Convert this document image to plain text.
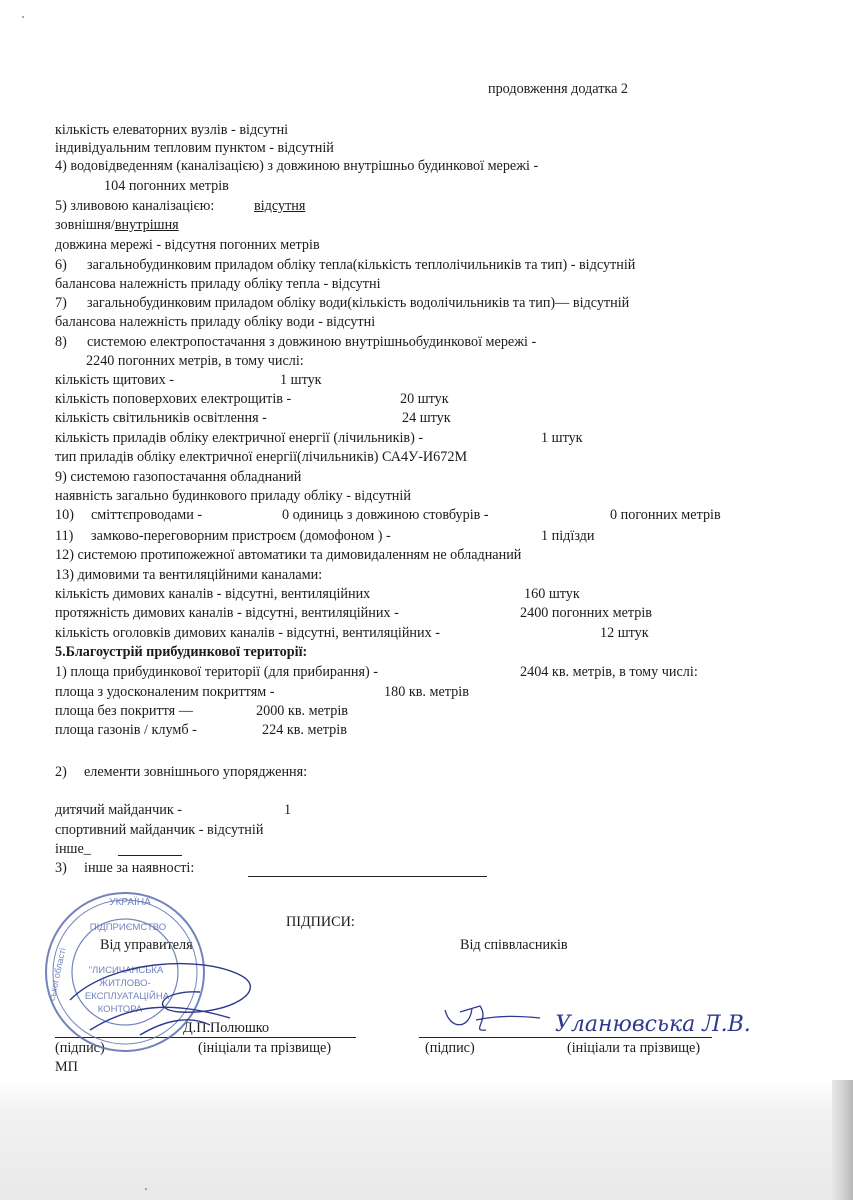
продовження додатка 2
кількість елеваторних вузлів - відсутні
індивідуальним тепловим пунктом - відсутній
4) водовідведенням (каналізацією) з довжиною внутрішньо будинкової мережі -
104 погонних метрів
5) зливовою каналізацією:	відсутня
зовнішня/внутрішня
довжина мережі - відсутня погонних метрів
6) загальнобудинковим приладом обліку тепла(кількість теплолічильників та тип) - відсутній
балансова належність приладу обліку тепла - відсутні
7) загальнобудинковим приладом обліку води(кількість водолічильників та тип)— відсутній
балансова належність приладу обліку води - відсутні
8) системою електропостачання з довжиною внутрішньобудинкової мережі -
2240 погонних метрів, в тому числі:
кількість щитових -	1 штук
кількість поповерхових електрощитів -	20 штук
кількість світильників освітлення -	24 штук
кількість приладів обліку електричної енергії (лічильників) -	1 штук
тип приладів обліку електричної енергії(лічильників) СА4У-И672М
9) системою газопостачання обладнаний
наявність загально будинкового приладу обліку - відсутній
10) сміттєпроводами -	0 одиниць з довжиною стовбурів -	0 погонних метрів
11) замково-переговорним пристроєм (домофоном ) -	1 підїзди
12) системою протипожежної автоматики та димовидаленням не обладнаний
13) димовими та вентиляційними каналами:
кількість димових каналів - відсутні, вентиляційних	160 штук
протяжність димових каналів - відсутні, вентиляційних -	2400 погонних метрів
кількість оголовків димових каналів - відсутні, вентиляційних -	12 штук
5.Благоустрій прибудинкової території:
1) площа прибудинкової території (для прибирання) -	2404 кв. метрів, в тому числі:
площа з удосконаленим покриттям -	180 кв. метрів
площа без покриття —	2000 кв. метрів
площа газонів / клумб -	224 кв. метрів
2) елементи зовнішнього упорядження:
дитячий майданчик -	1
спортивний майданчик - відсутній
інше_
3) інше за наявності:
ПІДПИСИ:
Від управителя	Від співвласників
Д.П.Полюшко
(підпис)	(ініціали та прізвище)	(підпис)	(ініціали та прізвище)
МП
ПІДПРИЄМСТВО
"ЛИСИЧАНСЬКА
ЖИТЛОВО-
ЕКСПЛУАТАЦІЙНА
КОНТОРА
УКРАЇНА
ської області
Уланювська Л.В.
